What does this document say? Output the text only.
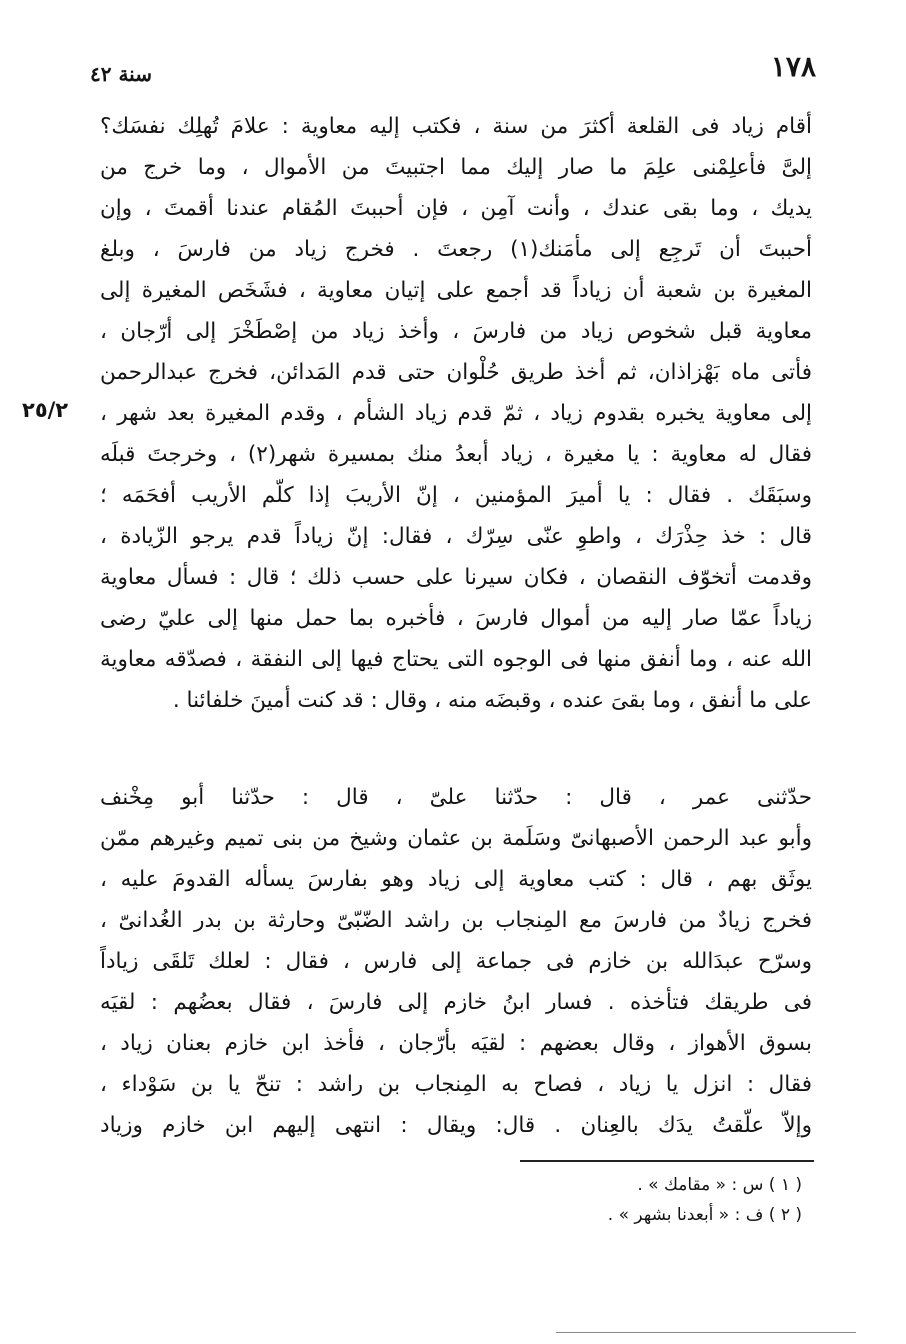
١٧٨
سنة ٤٢
٢٥/٢
أقام زياد فى القلعة أكثرَ من سنة ، فكتب إليه معاوية : علامَ تُهلِك نفسَك؟
إلىَّ فأعلِمْنى علِمَ ما صار إليك مما اجتبيتَ من الأموال ، وما خرج من
يديك ، وما بقى عندك ، وأنت آمِن ، فإن أحببتَ المُقام عندنا أقمتَ ، وإن
أحببتَ أن تَرجِع إلى مأمَنك(١) رجعتَ . فخرج زياد من فارسَ ، وبلغ
المغيرة بن شعبة أن زياداً قد أجمع على إتيان معاوية ، فشَخَص المغيرة إلى
معاوية قبل شخوص زياد من فارسَ ، وأخذ زياد من إصْطَخْرَ إلى أرّجان ،
فأتى ماه بَهْزاذان، ثم أخذ طريق حُلْوان حتى قدم المَدائن، فخرج عبدالرحمن
إلى معاوية يخبره بقدوم زياد ، ثمّ قدم زياد الشأم ، وقدم المغيرة بعد شهر ،
فقال له معاوية : يا مغيرة ، زياد أبعدُ منك بمسيرة شهر(٢) ، وخرجتَ قبلَه
وسبَقَك . فقال : يا أميرَ المؤمنين ، إنّ الأريبَ إذا كلّم الأريب أفحَمَه ؛
قال : خذ حِذْرَك ، واطوِ عنّى سِرّك ، فقال: إنّ زياداً قدم يرجو الزّيادة ،
وقدمت أتخوّف النقصان ، فكان سيرنا على حسب ذلك ؛ قال : فسأل معاوية
زياداً عمّا صار إليه من أموال فارسَ ، فأخبره بما حمل منها إلى عليّ رضى
الله عنه ، وما أنفق منها فى الوجوه التى يحتاج فيها إلى النفقة ، فصدّقه معاوية
على ما أنفق ، وما بقىَ عنده ، وقبضَه منه ، وقال : قد كنت أمينَ خلفائنا .
حدّثنى عمر ، قال : حدّثنا علىّ ، قال : حدّثنا أبو مِخْنف
وأبو عبد الرحمن الأصبهانىّ وسَلَمة بن عثمان وشيخ من بنى تميم وغيرهم ممّن
يوثَق بهم ، قال : كتب معاوية إلى زياد وهو بفارسَ يسأله القدومَ عليه ،
فخرج زيادٌ من فارسَ مع المِنجاب بن راشد الضّبّىّ وحارثة بن بدر الغُدانىّ ،
وسرّح عبدَالله بن خازم فى جماعة إلى فارس ، فقال : لعلك تَلقَى زياداً
فى طريقك فتأخذه . فسار ابنُ خازم إلى فارسَ ، فقال بعضُهم : لقيَه
بسوق الأهواز ، وقال بعضهم : لقيَه بأرّجان ، فأخذ ابن خازم بعنان زياد ،
فقال : انزل يا زياد ، فصاح به المِنجاب بن راشد : تنحّ يا بن سَوْداء ،
وإلاّ علّقتُ يدَك بالعِنان . قال: ويقال : انتهى إليهم ابن خازم وزياد
( ١ ) س : « مقامك » .
( ٢ ) ف : « أبعدنا بشهر » .
